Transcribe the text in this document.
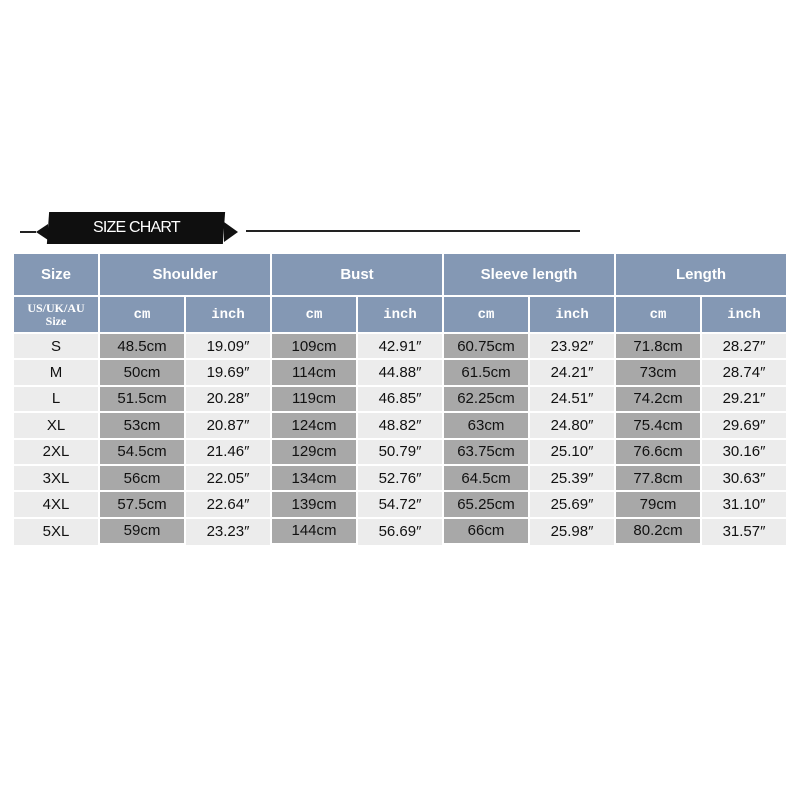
SIZE CHART
Size	Shoulder	Bust	Sleeve length	Length
US/UK/AU
Size	cm	inch	cm	inch	cm	inch	cm	inch
S	48.5cm	19.09″	109cm	42.91″	60.75cm	23.92″	71.8cm	28.27″
M	50cm	19.69″	114cm	44.88″	61.5cm	24.21″	73cm	28.74″
L	51.5cm	20.28″	119cm	46.85″	62.25cm	24.51″	74.2cm	29.21″
XL	53cm	20.87″	124cm	48.82″	63cm	24.80″	75.4cm	29.69″
2XL	54.5cm	21.46″	129cm	50.79″	63.75cm	25.10″	76.6cm	30.16″
3XL	56cm	22.05″	134cm	52.76″	64.5cm	25.39″	77.8cm	30.63″
4XL	57.5cm	22.64″	139cm	54.72″	65.25cm	25.69″	79cm	31.10″
5XL	59cm	23.23″	144cm	56.69″	66cm	25.98″	80.2cm	31.57″
